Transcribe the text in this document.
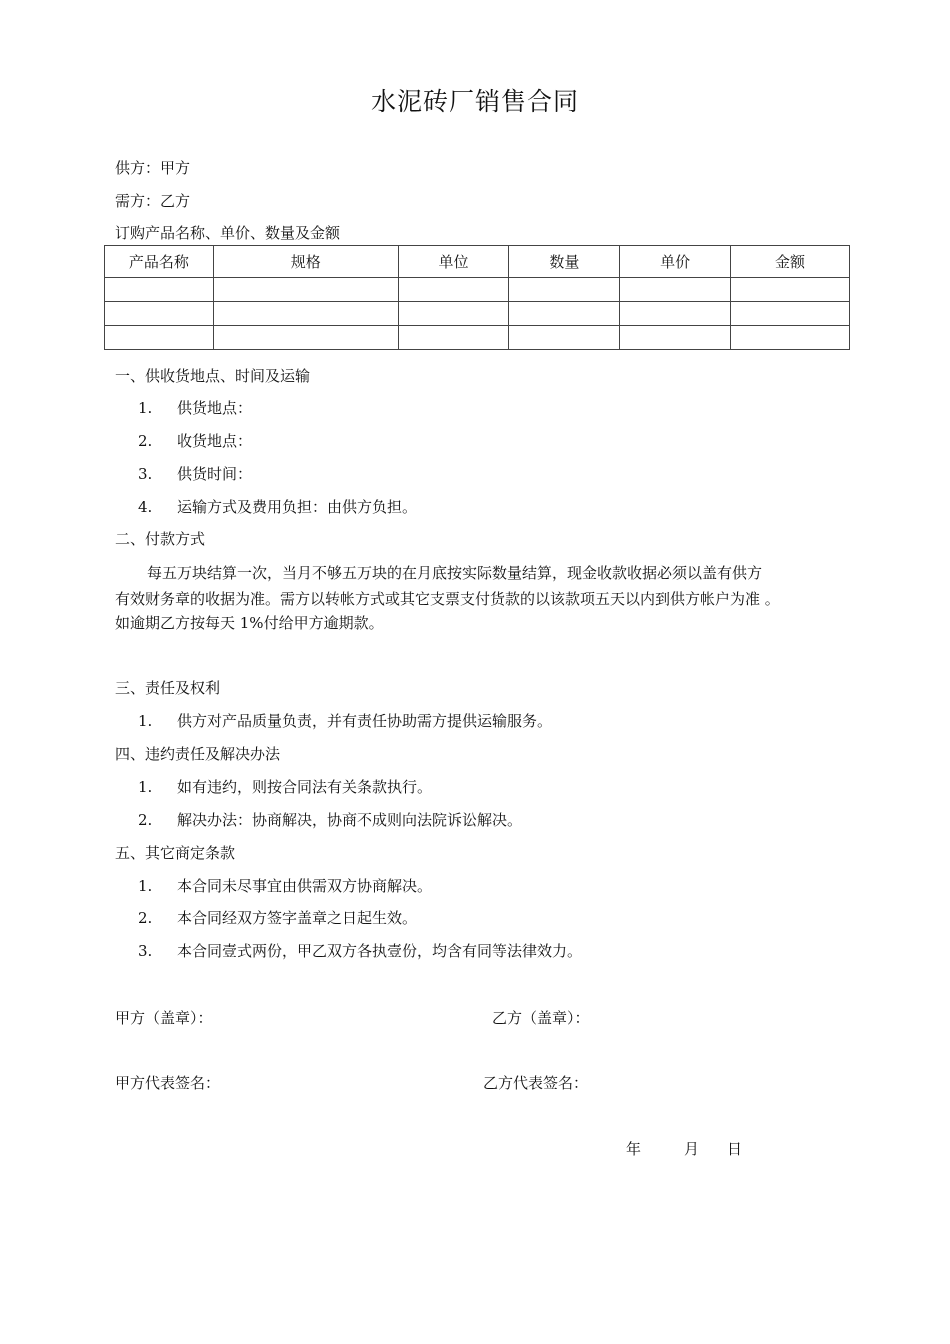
水泥砖厂销售合同
供方：甲方
需方：乙方
订购产品名称、单价、数量及金额
产品名称	规格	单位	数量	单价	金额

一、供收货地点、时间及运输
1. 供货地点：
2. 收货地点：
3. 供货时间：
4. 运输方式及费用负担：由供方负担。
二、付款方式
每五万块结算一次，当月不够五万块的在月底按实际数量结算，现金收款收据必须以盖有供方
有效财务章的收据为准。需方以转帐方式或其它支票支付货款的以该款项五天以内到供方帐户为准 。
如逾期乙方按每天 1%付给甲方逾期款。
三、责任及权利
1. 供方对产品质量负责，并有责任协助需方提供运输服务。
四、违约责任及解决办法
1. 如有违约，则按合同法有关条款执行。
2. 解决办法：协商解决，协商不成则向法院诉讼解决。
五、其它商定条款
1. 本合同未尽事宜由供需双方协商解决。
2. 本合同经双方签字盖章之日起生效。
3. 本合同壹式两份，甲乙双方各执壹份，均含有同等法律效力。
甲方（盖章）：	乙方（盖章）：
甲方代表签名：	乙方代表签名：
年	月 日
